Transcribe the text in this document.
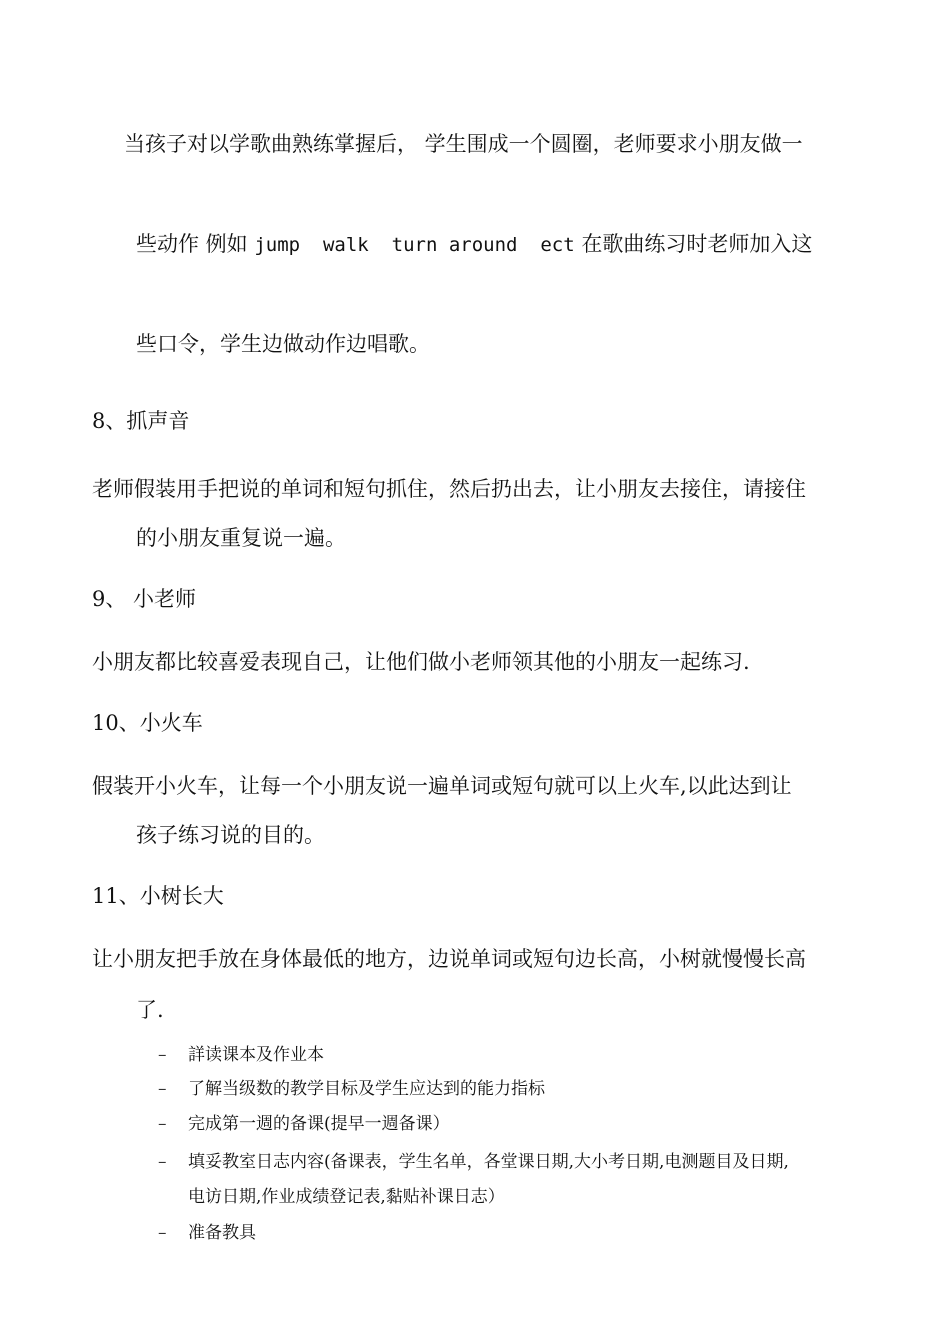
当孩子对以学歌曲熟练掌握后， 学生围成一个圆圈，老师要求小朋友做一
些动作 例如 jump  walk  turn around  ect 在歌曲练习时老师加入这
些口令，学生边做动作边唱歌。
8、抓声音
老师假装用手把说的单词和短句抓住，然后扔出去，让小朋友去接住，请接住
的小朋友重复说一遍。
9、 小老师
小朋友都比较喜爱表现自己，让他们做小老师领其他的小朋友一起练习.
10、小火车
假装开小火车，让每一个小朋友说一遍单词或短句就可以上火车,以此达到让
孩子练习说的目的。
11、小树长大
让小朋友把手放在身体最低的地方，边说单词或短句边长高，小树就慢慢长高
了.
– 詳读课本及作业本
– 了解当级数的教学目标及学生应达到的能力指标
– 完成第一週的备课(提早一週备课）
– 填妥教室日志内容(备课表，学生名单，各堂课日期,大小考日期,电测题目及日期,
电访日期,作业成绩登记表,黏贴补课日志）
– 准备教具
